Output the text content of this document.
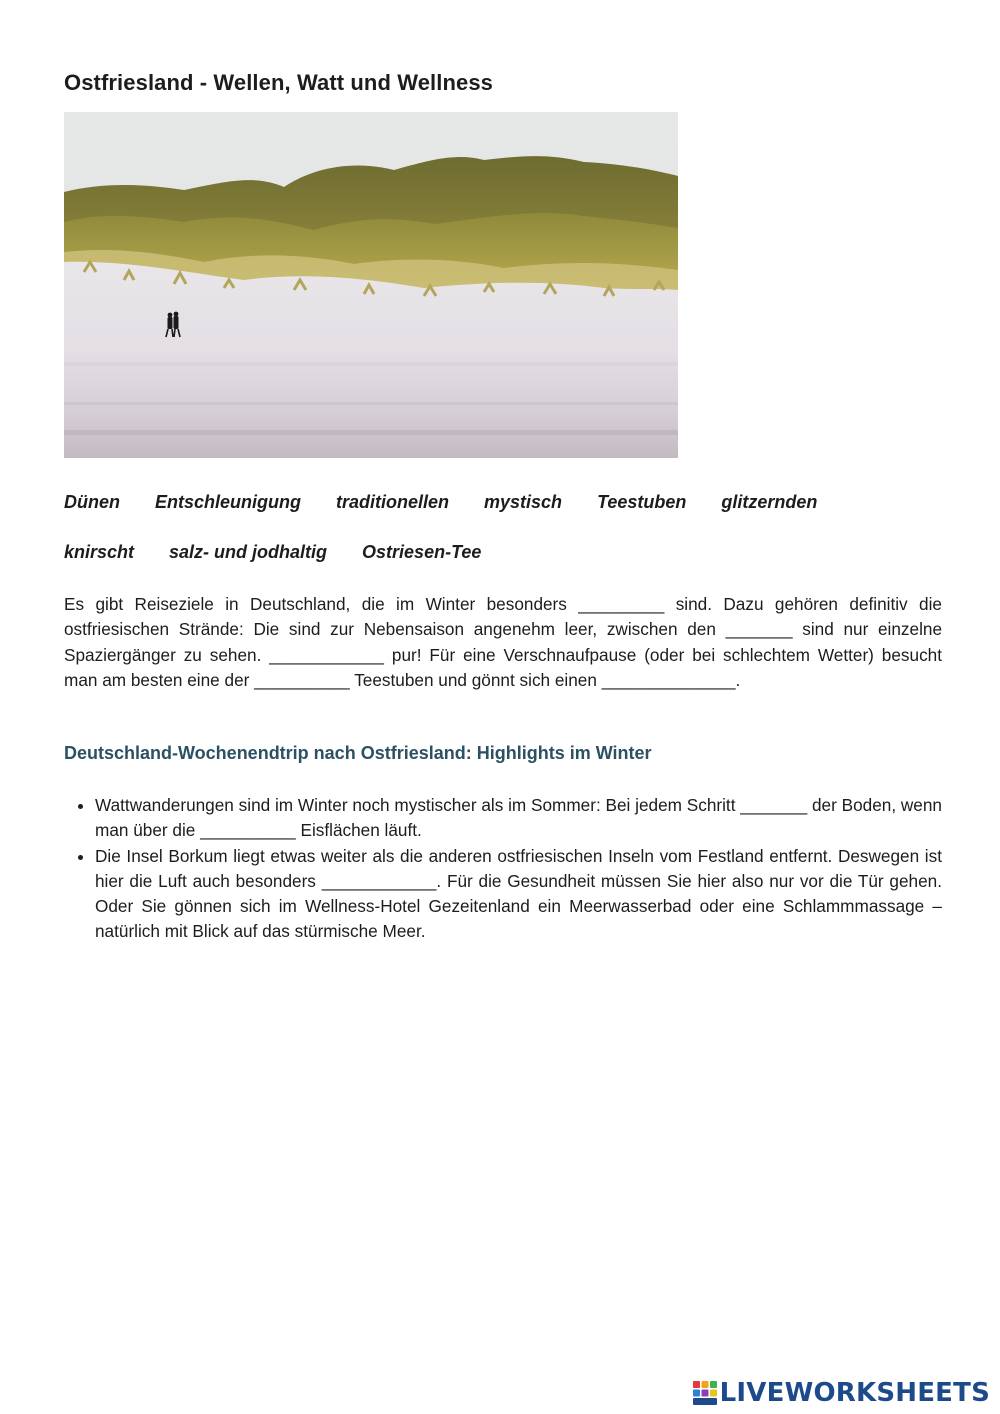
Ostfriesland - Wellen, Watt und Wellness
Dünen Entschleunigung traditionellen mystisch Teestuben glitzernden
knirscht salz- und jodhaltig Ostriesen-Tee

Es gibt Reiseziele in Deutschland, die im Winter besonders _________ sind. Dazu gehören definitiv die ostfriesischen Strände: Die sind zur Nebensaison angenehm leer, zwischen den _______ sind nur einzelne Spaziergänger zu sehen. ____________ pur! Für eine Verschnaufpause (oder bei schlechtem Wetter) besucht man am besten eine der __________ Teestuben und gönnt sich einen ______________.

Deutschland-Wochenendtrip nach Ostfriesland: Highlights im Winter
• Wattwanderungen sind im Winter noch mystischer als im Sommer: Bei jedem Schritt _______ der Boden, wenn man über die __________ Eisflächen läuft.
• Die Insel Borkum liegt etwas weiter als die anderen ostfriesischen Inseln vom Festland entfernt. Deswegen ist hier die Luft auch besonders ____________. Für die Gesundheit müssen Sie hier also nur vor die Tür gehen. Oder Sie gönnen sich im Wellness-Hotel Gezeitenland ein Meerwasserbad oder eine Schlammmassage – natürlich mit Blick auf das stürmische Meer.
LIVEWORKSHEETS
